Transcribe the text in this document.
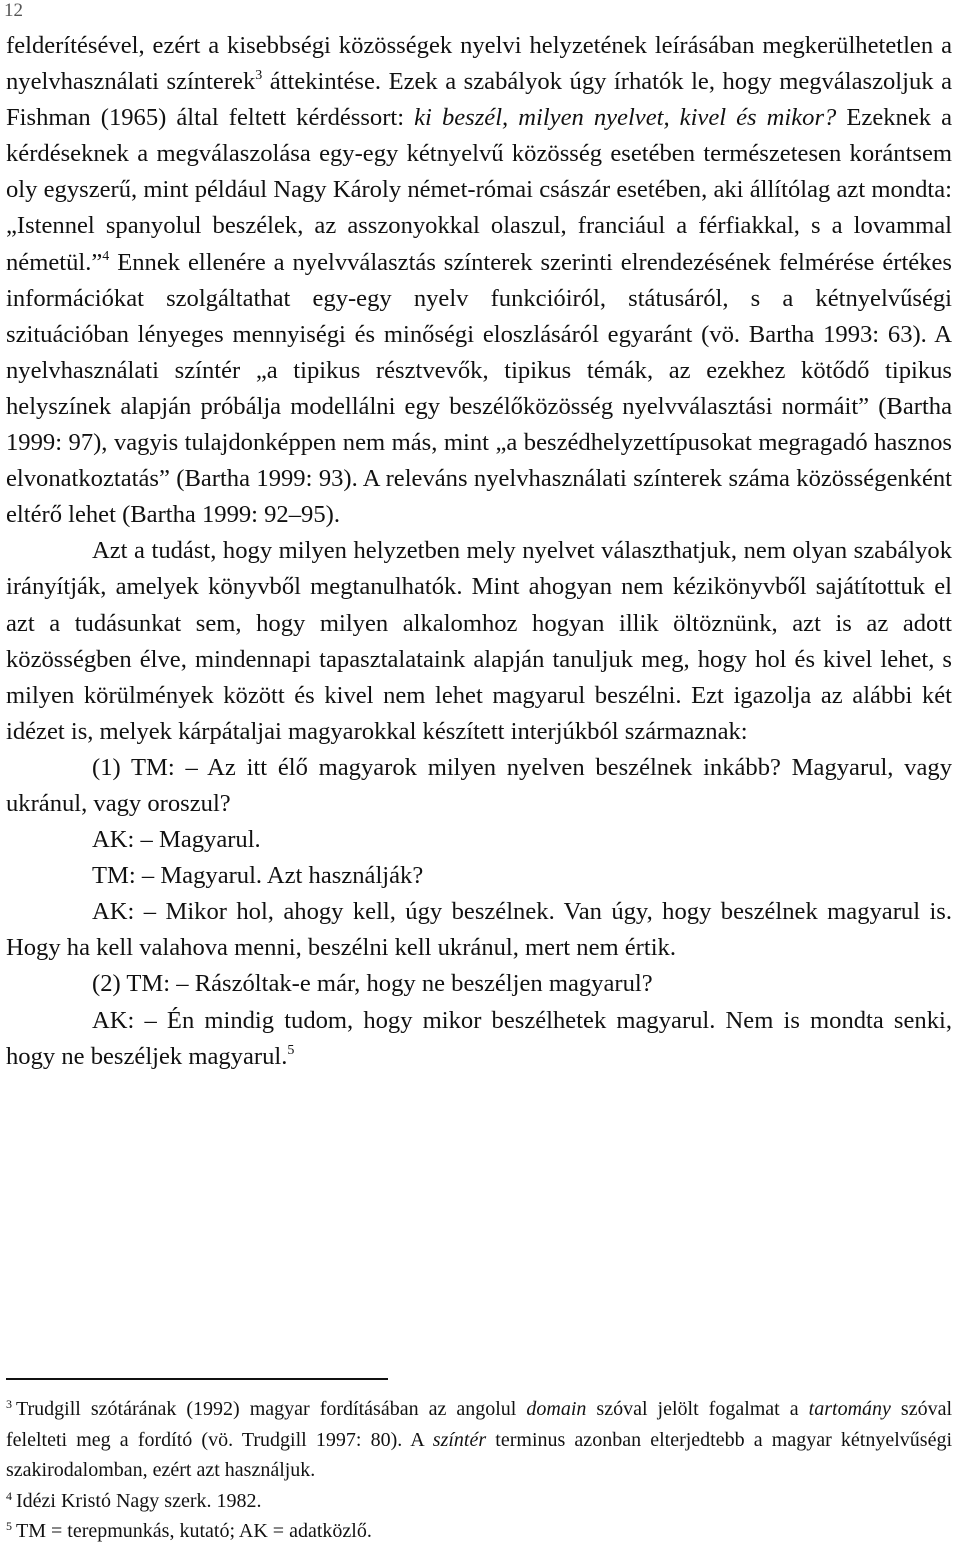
12

felderítésével, ezért a kisebbségi közösségek nyelvi helyzetének leírásában megkerülhetetlen a nyelvhasználati színterek$^3$ áttekintése. Ezek a szabályok úgy írhatók le, hogy megválaszoljuk a Fishman (1965) által feltett kérdéssort: ki beszél, milyen nyelvet, kivel és mikor? Ezeknek a kérdéseknek a megválaszolása egy-egy kétnyelvű közösség esetében természetesen korántsem oly egyszerű, mint például Nagy Károly német-római császár esetében, aki állítólag azt mondta: „Istennel spanyolul beszélek, az asszonyokkal olaszul, franciául a férfiakkal, s a lovammal németül.”$^4$ Ennek ellenére a nyelvválasztás színterek szerinti elrendezésének felmérése értékes információkat szolgáltathat egy-egy nyelv funkcióiról, státusáról, s a kétnyelvűségi szituációban lényeges mennyiségi és minőségi eloszlásáról egyaránt (vö. Bartha 1993: 63). A nyelvhasználati színtér „a tipikus résztvevők, tipikus témák, az ezekhez kötődő tipikus helyszínek alapján próbálja modellálni egy beszélőközösség nyelvválasztási normáit” (Bartha 1999: 97), vagyis tulajdonképpen nem más, mint „a beszédhelyzettípusokat megragadó hasznos elvonatkoztatás” (Bartha 1999: 93). A releváns nyelvhasználati színterek száma közösségenként eltérő lehet (Bartha 1999: 92–95).

Azt a tudást, hogy milyen helyzetben mely nyelvet választhatjuk, nem olyan szabályok irányítják, amelyek könyvből megtanulhatók. Mint ahogyan nem kézikönyvből sajátítottuk el azt a tudásunkat sem, hogy milyen alkalomhoz hogyan illik öltöznünk, azt is az adott közösségben élve, mindennapi tapasztalataink alapján tanuljuk meg, hogy hol és kivel lehet, s milyen körülmények között és kivel nem lehet magyarul beszélni. Ezt igazolja az alábbi két idézet is, melyek kárpátaljai magyarokkal készített interjúkból származnak:

(1) TM: – Az itt élő magyarok milyen nyelven beszélnek inkább? Magyarul, vagy ukránul, vagy oroszul?

AK: – Magyarul.

TM: – Magyarul. Azt használják?

AK: – Mikor hol, ahogy kell, úgy beszélnek. Van úgy, hogy beszélnek magyarul is. Hogy ha kell valahova menni, beszélni kell ukránul, mert nem értik.

(2) TM: – Rászóltak-e már, hogy ne beszéljen magyarul?

AK: – Én mindig tudom, hogy mikor beszélhetek magyarul. Nem is mondta senki, hogy ne beszéljek magyarul.$^5$

$^3$ Trudgill szótárának (1992) magyar fordításában az angolul domain szóval jelölt fogalmat a tartomány szóval felelteti meg a fordító (vö. Trudgill 1997: 80). A színtér terminus azonban elterjedtebb a magyar kétnyelvűségi szakirodalomban, ezért azt használjuk.

$^4$ Idézi Kristó Nagy szerk. 1982.

$^5$ TM = terepmunkás, kutató; AK = adatközlő.
